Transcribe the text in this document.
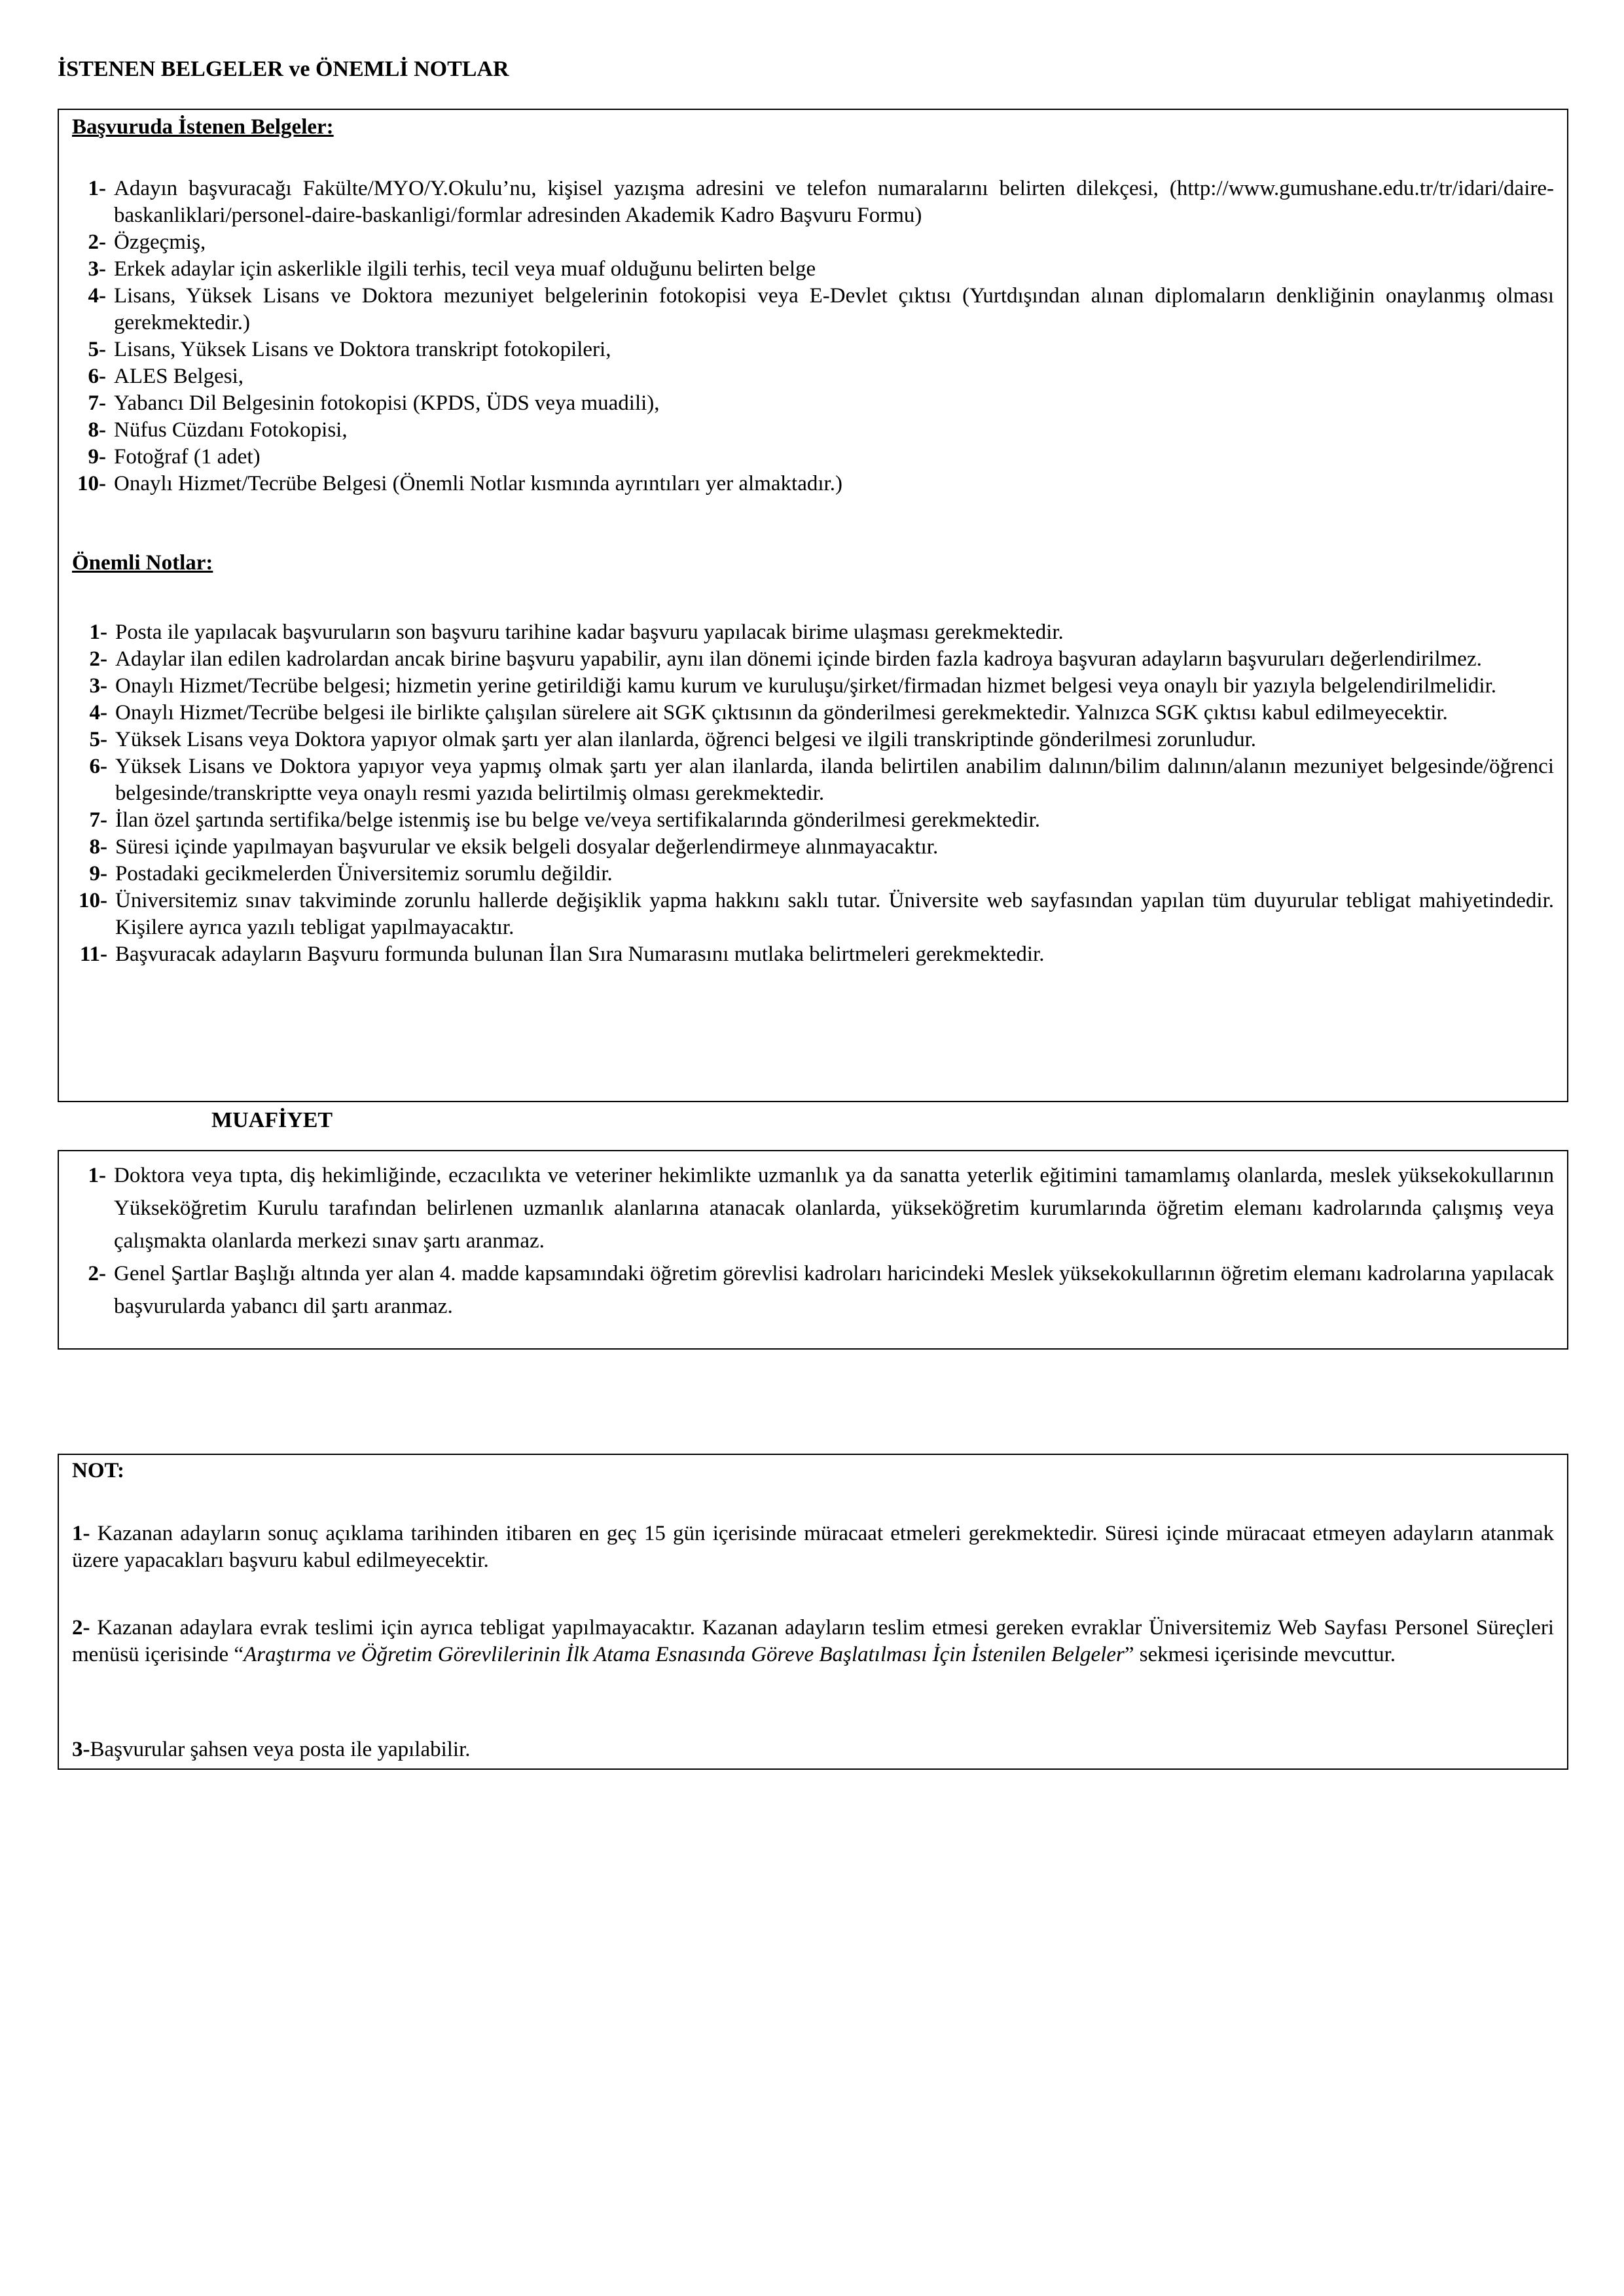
İSTENEN BELGELER ve ÖNEMLİ NOTLAR
Başvuruda İstenen Belgeler:
1- Adayın başvuracağı Fakülte/MYO/Y.Okulu’nu, kişisel yazışma adresini ve telefon numaralarını belirten dilekçesi, (http://www.gumushane.edu.tr/tr/idari/daire-baskanliklari/personel-daire-baskanligi/formlar adresinden Akademik Kadro Başvuru Formu)
2- Özgeçmiş,
3- Erkek adaylar için askerlikle ilgili terhis, tecil veya muaf olduğunu belirten belge
4- Lisans, Yüksek Lisans ve Doktora mezuniyet belgelerinin fotokopisi veya E-Devlet çıktısı (Yurtdışından alınan diplomaların denkliğinin onaylanmış olması gerekmektedir.)
5- Lisans, Yüksek Lisans ve Doktora transkript fotokopileri,
6- ALES Belgesi,
7- Yabancı Dil Belgesinin fotokopisi (KPDS, ÜDS veya muadili),
8- Nüfus Cüzdanı Fotokopisi,
9- Fotoğraf (1 adet)
10- Onaylı Hizmet/Tecrübe Belgesi (Önemli Notlar kısmında ayrıntıları yer almaktadır.)
Önemli Notlar:
1- Posta ile yapılacak başvuruların son başvuru tarihine kadar başvuru yapılacak birime ulaşması gerekmektedir.
2- Adaylar ilan edilen kadrolardan ancak birine başvuru yapabilir, aynı ilan dönemi içinde birden fazla kadroya başvuran adayların başvuruları değerlendirilmez.
3- Onaylı Hizmet/Tecrübe belgesi; hizmetin yerine getirildiği kamu kurum ve kuruluşu/şirket/firmadan hizmet belgesi veya onaylı bir yazıyla belgelendirilmelidir.
4- Onaylı Hizmet/Tecrübe belgesi ile birlikte çalışılan sürelere ait SGK çıktısının da gönderilmesi gerekmektedir. Yalnızca SGK çıktısı kabul edilmeyecektir.
5- Yüksek Lisans veya Doktora yapıyor olmak şartı yer alan ilanlarda, öğrenci belgesi ve ilgili transkriptinde gönderilmesi zorunludur.
6- Yüksek Lisans ve Doktora yapıyor veya yapmış olmak şartı yer alan ilanlarda, ilanda belirtilen anabilim dalının/bilim dalının/alanın mezuniyet belgesinde/öğrenci belgesinde/transkriptte veya onaylı resmi yazıda belirtilmiş olması gerekmektedir.
7- İlan özel şartında sertifika/belge istenmiş ise bu belge ve/veya sertifikalarında gönderilmesi gerekmektedir.
8- Süresi içinde yapılmayan başvurular ve eksik belgeli dosyalar değerlendirmeye alınmayacaktır.
9- Postadaki gecikmelerden Üniversitemiz sorumlu değildir.
10- Üniversitemiz sınav takviminde zorunlu hallerde değişiklik yapma hakkını saklı tutar. Üniversite web sayfasından yapılan tüm duyurular tebligat mahiyetindedir. Kişilere ayrıca yazılı tebligat yapılmayacaktır.
11- Başvuracak adayların Başvuru formunda bulunan İlan Sıra Numarasını mutlaka belirtmeleri gerekmektedir.
MUAFİYET
1- Doktora veya tıpta, diş hekimliğinde, eczacılıkta ve veteriner hekimlikte uzmanlık ya da sanatta yeterlik eğitimini tamamlamış olanlarda, meslek yüksekokullarının Yükseköğretim Kurulu tarafından belirlenen uzmanlık alanlarına atanacak olanlarda, yükseköğretim kurumlarında öğretim elemanı kadrolarında çalışmış veya çalışmakta olanlarda merkezi sınav şartı aranmaz.
2- Genel Şartlar Başlığı altında yer alan 4. madde kapsamındaki öğretim görevlisi kadroları haricindeki Meslek yüksekokullarının öğretim elemanı kadrolarına yapılacak başvurularda yabancı dil şartı aranmaz.
NOT:
1- Kazanan adayların sonuç açıklama tarihinden itibaren en geç 15 gün içerisinde müracaat etmeleri gerekmektedir. Süresi içinde müracaat etmeyen adayların atanmak üzere yapacakları başvuru kabul edilmeyecektir.
2- Kazanan adaylara evrak teslimi için ayrıca tebligat yapılmayacaktır. Kazanan adayların teslim etmesi gereken evraklar Üniversitemiz Web Sayfası Personel Süreçleri menüsü içerisinde “Araştırma ve Öğretim Görevlilerinin İlk Atama Esnasında Göreve Başlatılması İçin İstenilen Belgeler” sekmesi içerisinde mevcuttur.
3-Başvurular şahsen veya posta ile yapılabilir.
